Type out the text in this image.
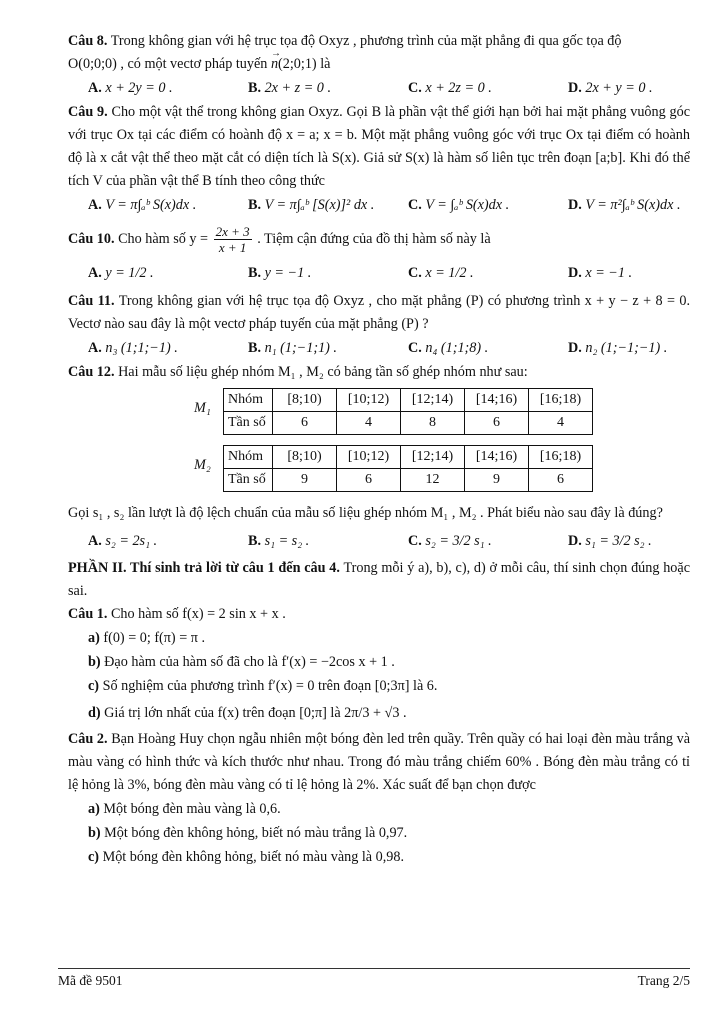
Câu 8. Trong không gian với hệ trục tọa độ Oxyz , phương trình của mặt phẳng đi qua gốc tọa độ
O(0;0;0) , có một vectơ pháp tuyến → n(2;0;1) là
A. x + 2y = 0 .	B. 2x + z = 0 .	C. x + 2z = 0 .	D. 2x + y = 0 .
Câu 9. Cho một vật thể trong không gian Oxyz. Gọi B là phần vật thể giới hạn bởi hai mặt phẳng vuông góc với trục Ox tại các điểm có hoành độ x = a; x = b. Một mặt phẳng vuông góc với trục Ox tại điểm có hoành độ là x cắt vật thể theo mặt cắt có diện tích là S(x). Giả sử S(x) là hàm số liên tục trên đoạn [a;b]. Khi đó thể tích V của phần vật thể B tính theo công thức
A. V = π∫ₐᵇ S(x)dx .	B. V = π∫ₐᵇ [S(x)]² dx .	C. V = ∫ₐᵇ S(x)dx .	D. V = π²∫ₐᵇ S(x)dx .
Câu 10. Cho hàm số $y = \frac{2x + 3}{x + 1}$ . Tiệm cận đứng của đồ thị hàm số này là
A. y = 1/2 .	B. y = −1 .	C. x = 1/2 .	D. x = −1 .
Câu 11. Trong không gian với hệ trục tọa độ Oxyz , cho mặt phẳng (P) có phương trình x + y − z + 8 = 0. Vectơ nào sau đây là một vectơ pháp tuyến của mặt phẳng (P) ?
A. n₃ (1;1;−1) .	B. n₁ (1;−1;1) .	C. n₄ (1;1;8) .	D. n₂ (1;−1;−1) .
Câu 12. Hai mẫu số liệu ghép nhóm M₁ , M₂ có bảng tần số ghép nhóm như sau:
M₁
Nhóm	[8;10)	[10;12)	[12;14)	[14;16)	[16;18)
Tần số	6	4	8	6	4
M₂
Nhóm	[8;10)	[10;12)	[12;14)	[14;16)	[16;18)
Tần số	9	6	12	9	6
Gọi s₁ , s₂ lần lượt là độ lệch chuẩn của mẫu số liệu ghép nhóm M₁ , M₂ . Phát biểu nào sau đây là đúng?
A. s₂ = 2s₁ .	B. s₁ = s₂ .	C. s₂ = 3/2 s₁ .	D. s₁ = 3/2 s₂ .
PHẦN II. Thí sinh trả lời từ câu 1 đến câu 4. Trong mỗi ý a), b), c), d) ở mỗi câu, thí sinh chọn đúng hoặc sai.
Câu 1. Cho hàm số f(x) = 2 sin x + x .
a) f(0) = 0; f(π) = π .
b) Đạo hàm của hàm số đã cho là f′(x) = −2cos x + 1 .
c) Số nghiệm của phương trình f′(x) = 0 trên đoạn [0;3π] là 6.
d) Giá trị lớn nhất của f(x) trên đoạn [0;π] là 2π/3 + √3 .
Câu 2. Bạn Hoàng Huy chọn ngẫu nhiên một bóng đèn led trên quầy. Trên quầy có hai loại đèn màu trắng và màu vàng có hình thức và kích thước như nhau. Trong đó màu trắng chiếm 60% . Bóng đèn màu trắng có tỉ lệ hỏng là 3%, bóng đèn màu vàng có tỉ lệ hỏng là 2%. Xác suất để bạn chọn được
a) Một bóng đèn màu vàng là 0,6.
b) Một bóng đèn không hỏng, biết nó màu trắng là 0,97.
c) Một bóng đèn không hỏng, biết nó màu vàng là 0,98.
Mã đề 9501	Trang 2/5
